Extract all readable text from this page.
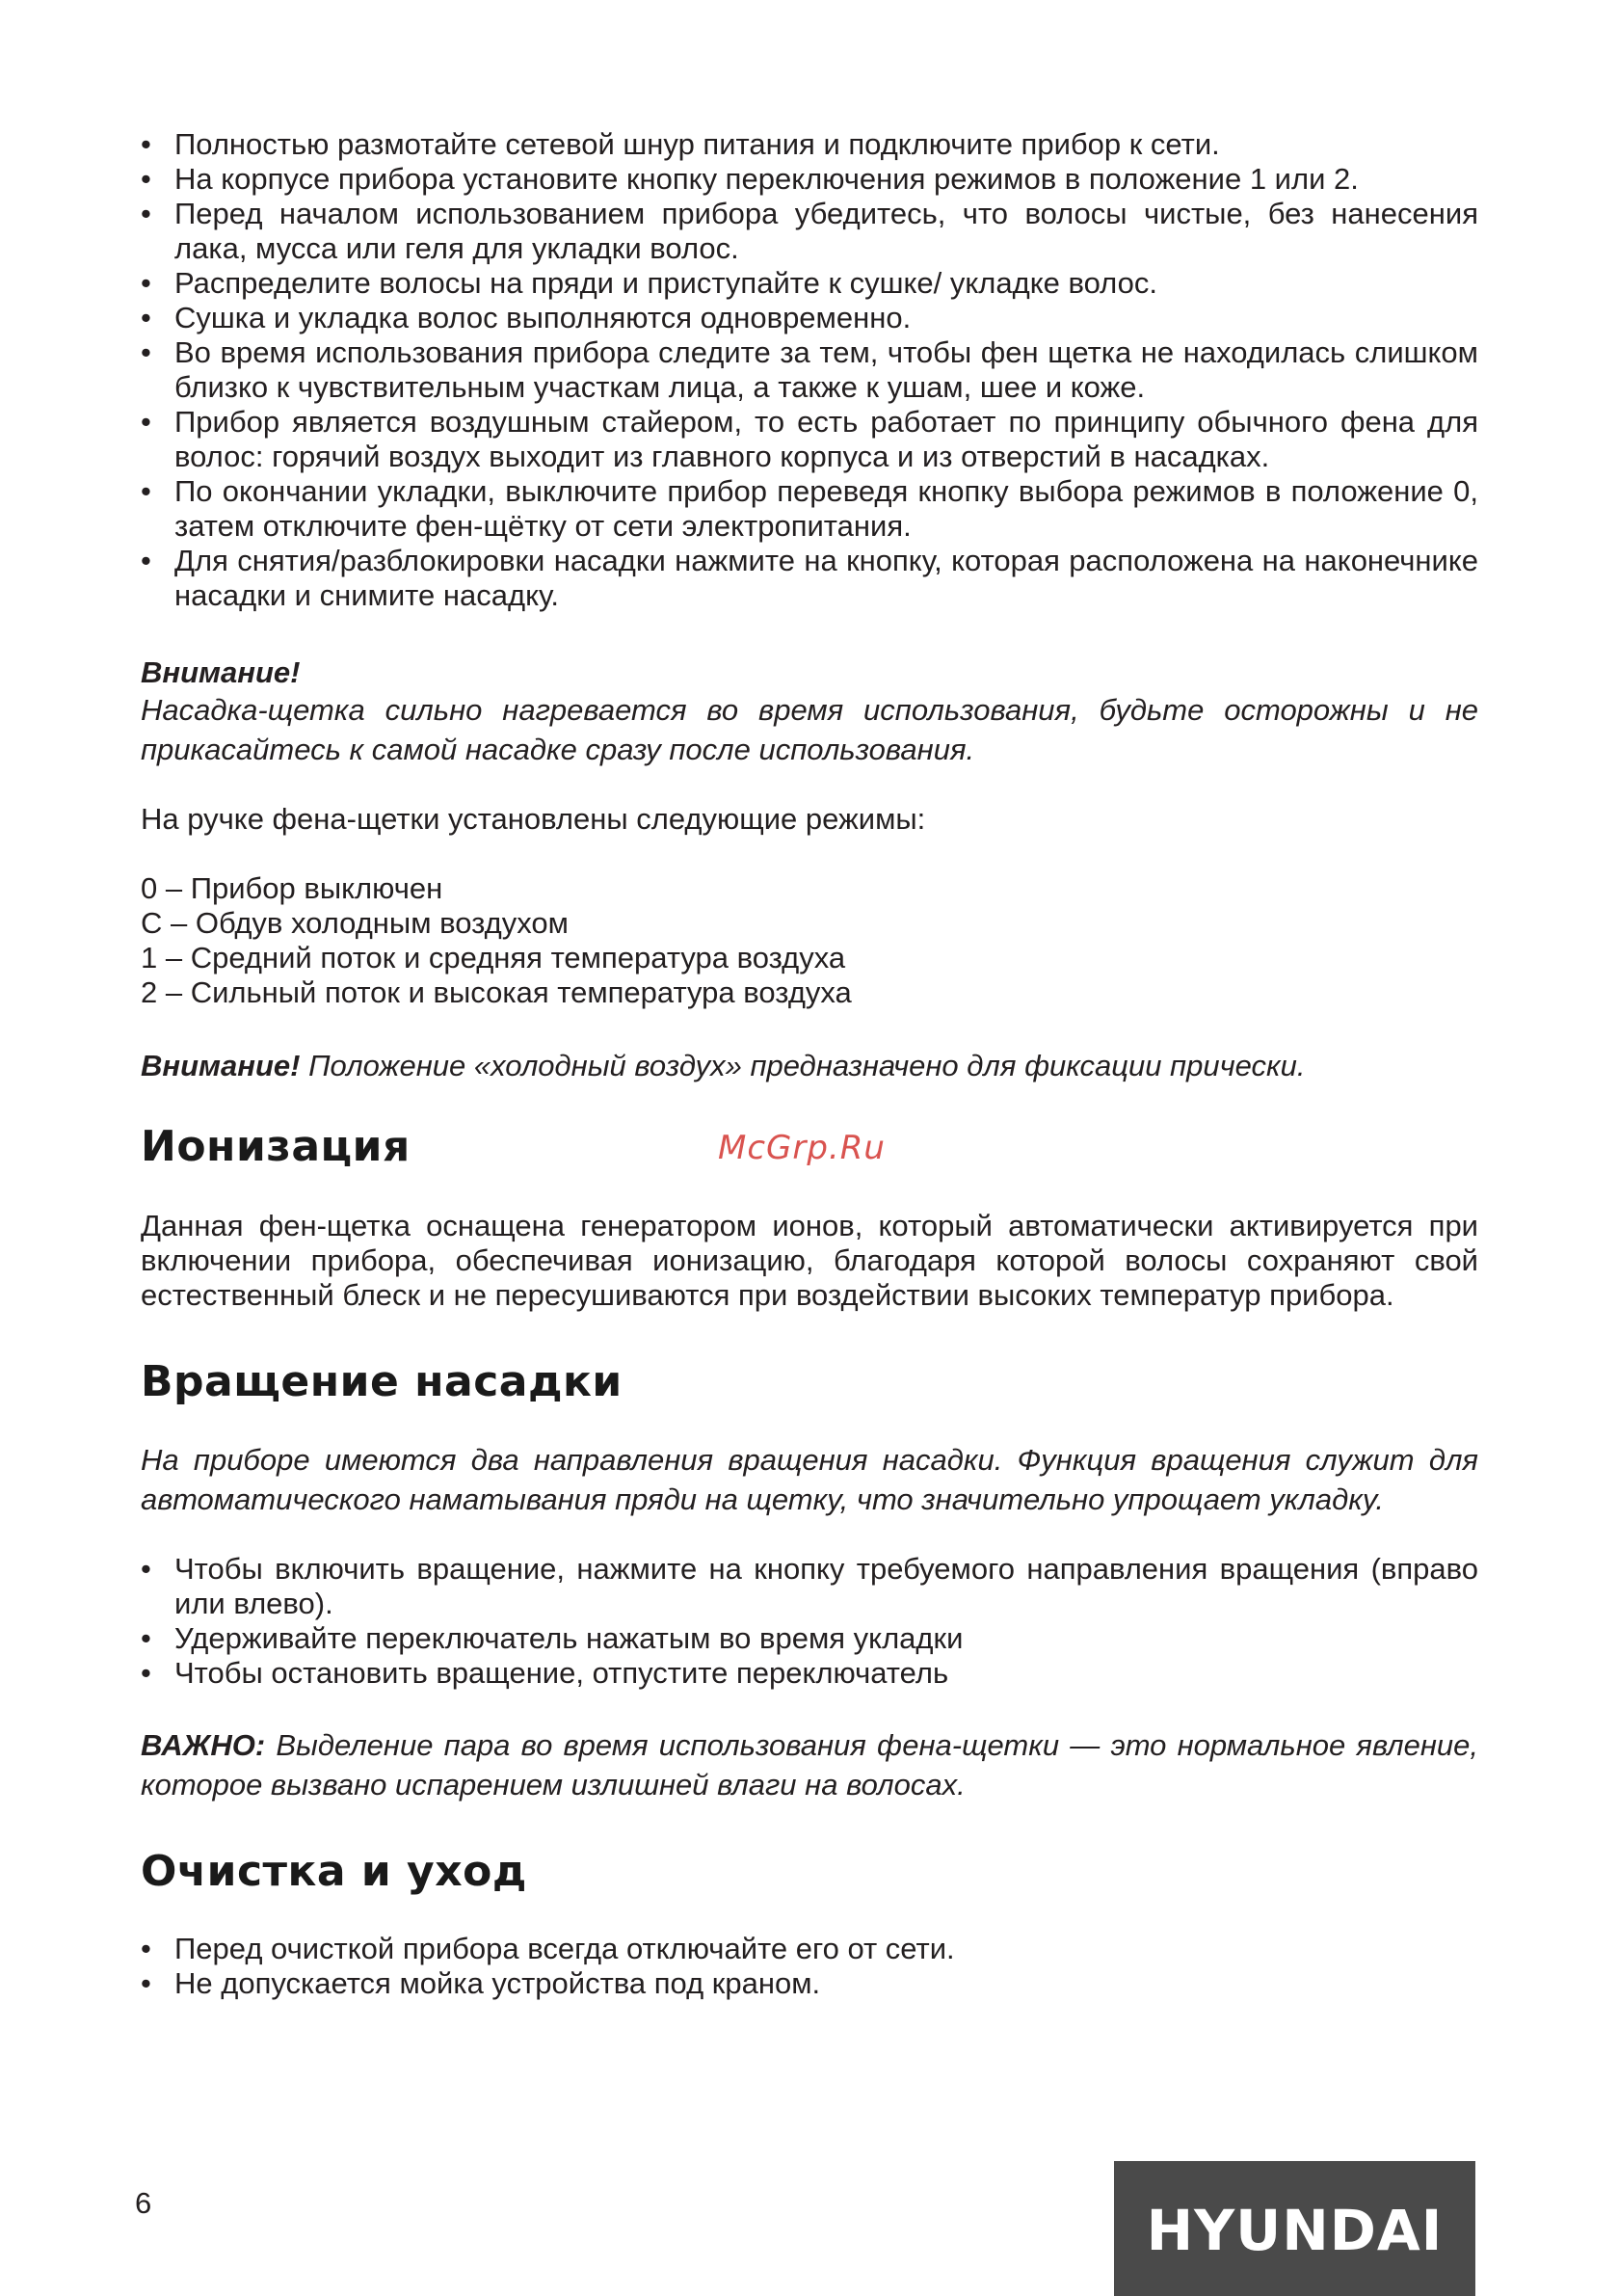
• Полностью размотайте сетевой шнур питания и подключите прибор к сети.
• На корпусе прибора установите кнопку переключения режимов в положение 1 или 2.
• Перед началом использованием прибора убедитесь, что волосы чистые, без нанесения лака, мусса или геля для укладки волос.
• Распределите волосы на пряди и приступайте к сушке/ укладке волос.
• Сушка и укладка волос выполняются одновременно.
• Во время использования прибора следите за тем, чтобы фен щетка не находилась слишком близко к чувствительным участкам лица, а также к ушам, шее и коже.
• Прибор является воздушным стайером, то есть работает по принципу обычного фена для волос: горячий воздух выходит из главного корпуса и из отверстий в насадках.
• По окончании укладки, выключите прибор переведя кнопку выбора режимов в положение 0, затем отключите фен-щётку от сети электропитания.
• Для снятия/разблокировки насадки нажмите на кнопку, которая расположена на наконечнике насадки и снимите насадку.
Внимание!
Насадка-щетка сильно нагревается во время использования, будьте осторожны и не прикасайтесь к самой насадке сразу после использования.
На ручке фена-щетки установлены следующие режимы:
0 – Прибор выключен
С – Обдув холодным воздухом
1 – Средний поток и средняя температура воздуха
2 – Сильный поток и высокая температура воздуха
Внимание! Положение «холодный воздух» предназначено для фиксации прически.
Ионизация
Данная фен-щетка оснащена генератором ионов, который автоматически активируется при включении прибора, обеспечивая ионизацию, благодаря которой волосы сохраняют свой естественный блеск и не пересушиваются при воздействии высоких температур прибора.
Вращение насадки
На приборе имеются два направления вращения насадки. Функция вращения служит для автоматического наматывания пряди на щетку, что значительно упрощает укладку.
• Чтобы включить вращение, нажмите на кнопку требуемого направления вращения (вправо или влево).
• Удерживайте переключатель нажатым во время укладки
• Чтобы остановить вращение, отпустите переключатель
ВАЖНО: Выделение пара во время использования фена-щетки — это нормальное явление, которое вызвано испарением излишней влаги на волосах.
Очистка и уход
• Перед очисткой прибора всегда отключайте его от сети.
• Не допускается мойка устройства под краном.
McGrp.Ru
6	HYUNDAI
